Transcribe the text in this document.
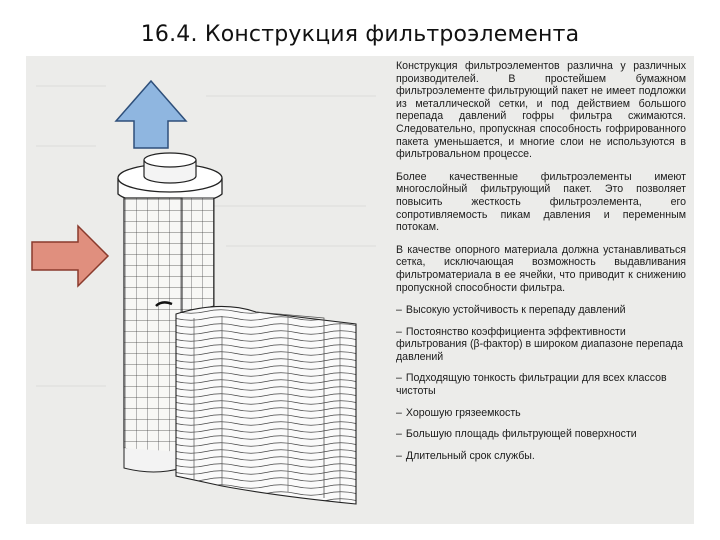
16.4. Конструкция фильтроэлемента

Конструкция фильтроэлементов различна у различных производителей. В простейшем бумажном фильтроэлементе фильтрующий пакет не имеет подложки из металлической сетки, и под действием большого перепада давлений гофры фильтра сжимаются. Следовательно, пропускная способность гофрированного пакета уменьшается, и многие слои не используются в фильтровальном процессе.

Более качественные фильтроэлементы имеют многослойный фильтрующий пакет. Это позволяет повысить жесткость фильтроэлемента, его сопротивляемость пикам давления и переменным потокам.

В качестве опорного материала должна устанавливаться сетка, исключающая возможность выдавливания фильтроматериала в ее ячейки, что приводит к снижению пропускной способности фильтра.

– Высокую устойчивость к перепаду давлений
– Постоянство коэффициента эффективности фильтрования (β-фактор) в широком диапазоне перепада давлений
– Подходящую тонкость фильтрации для всех классов чистоты
– Хорошую грязеемкость
– Большую площадь фильтрующей поверхности
– Длительный срок службы.
